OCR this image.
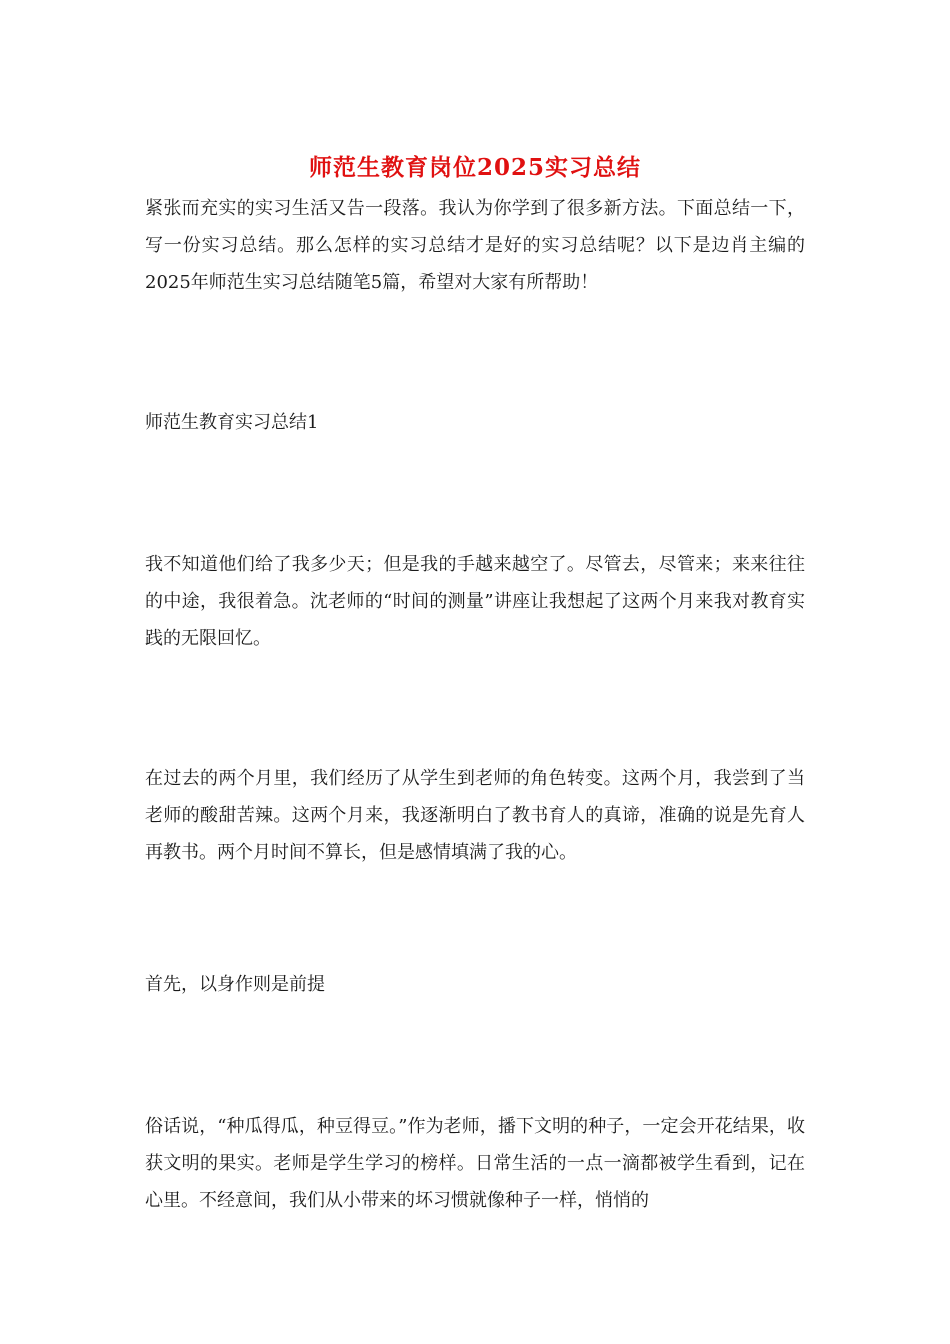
师范生教育岗位2025实习总结

紧张而充实的实习生活又告一段落。我认为你学到了很多新方法。下面总结一下，写一份实习总结。那么怎样的实习总结才是好的实习总结呢？以下是边肖主编的2025年师范生实习总结随笔5篇，希望对大家有所帮助！

师范生教育实习总结1

我不知道他们给了我多少天；但是我的手越来越空了。尽管去，尽管来；来来往往的中途，我很着急。沈老师的“时间的测量”讲座让我想起了这两个月来我对教育实践的无限回忆。

在过去的两个月里，我们经历了从学生到老师的角色转变。这两个月，我尝到了当老师的酸甜苦辣。这两个月来，我逐渐明白了教书育人的真谛，准确的说是先育人再教书。两个月时间不算长，但是感情填满了我的心。

首先，以身作则是前提

俗话说，“种瓜得瓜，种豆得豆。”作为老师，播下文明的种子，一定会开花结果，收获文明的果实。老师是学生学习的榜样。日常生活的一点一滴都被学生看到，记在心里。不经意间，我们从小带来的坏习惯就像种子一样，悄悄的
